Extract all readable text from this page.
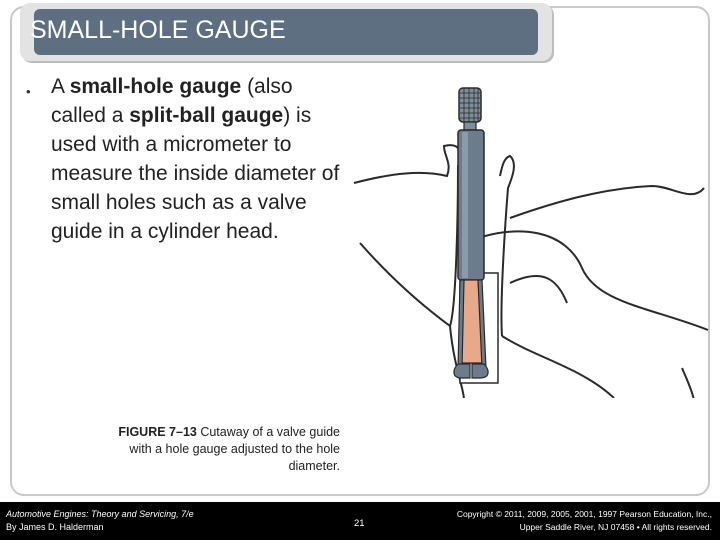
SMALL-HOLE GAUGE
• A small-hole gauge (also called a split-ball gauge) is used with a micrometer to measure the inside diameter of small holes such as a valve guide in a cylinder head.
FIGURE 7–13 Cutaway of a valve guide with a hole gauge adjusted to the hole diameter.
Automotive Engines: Theory and Servicing, 7/e
By James D. Halderman	21
Copyright © 2011, 2009, 2005, 2001, 1997 Pearson Education, Inc.,
Upper Saddle River, NJ 07458 • All rights reserved.
